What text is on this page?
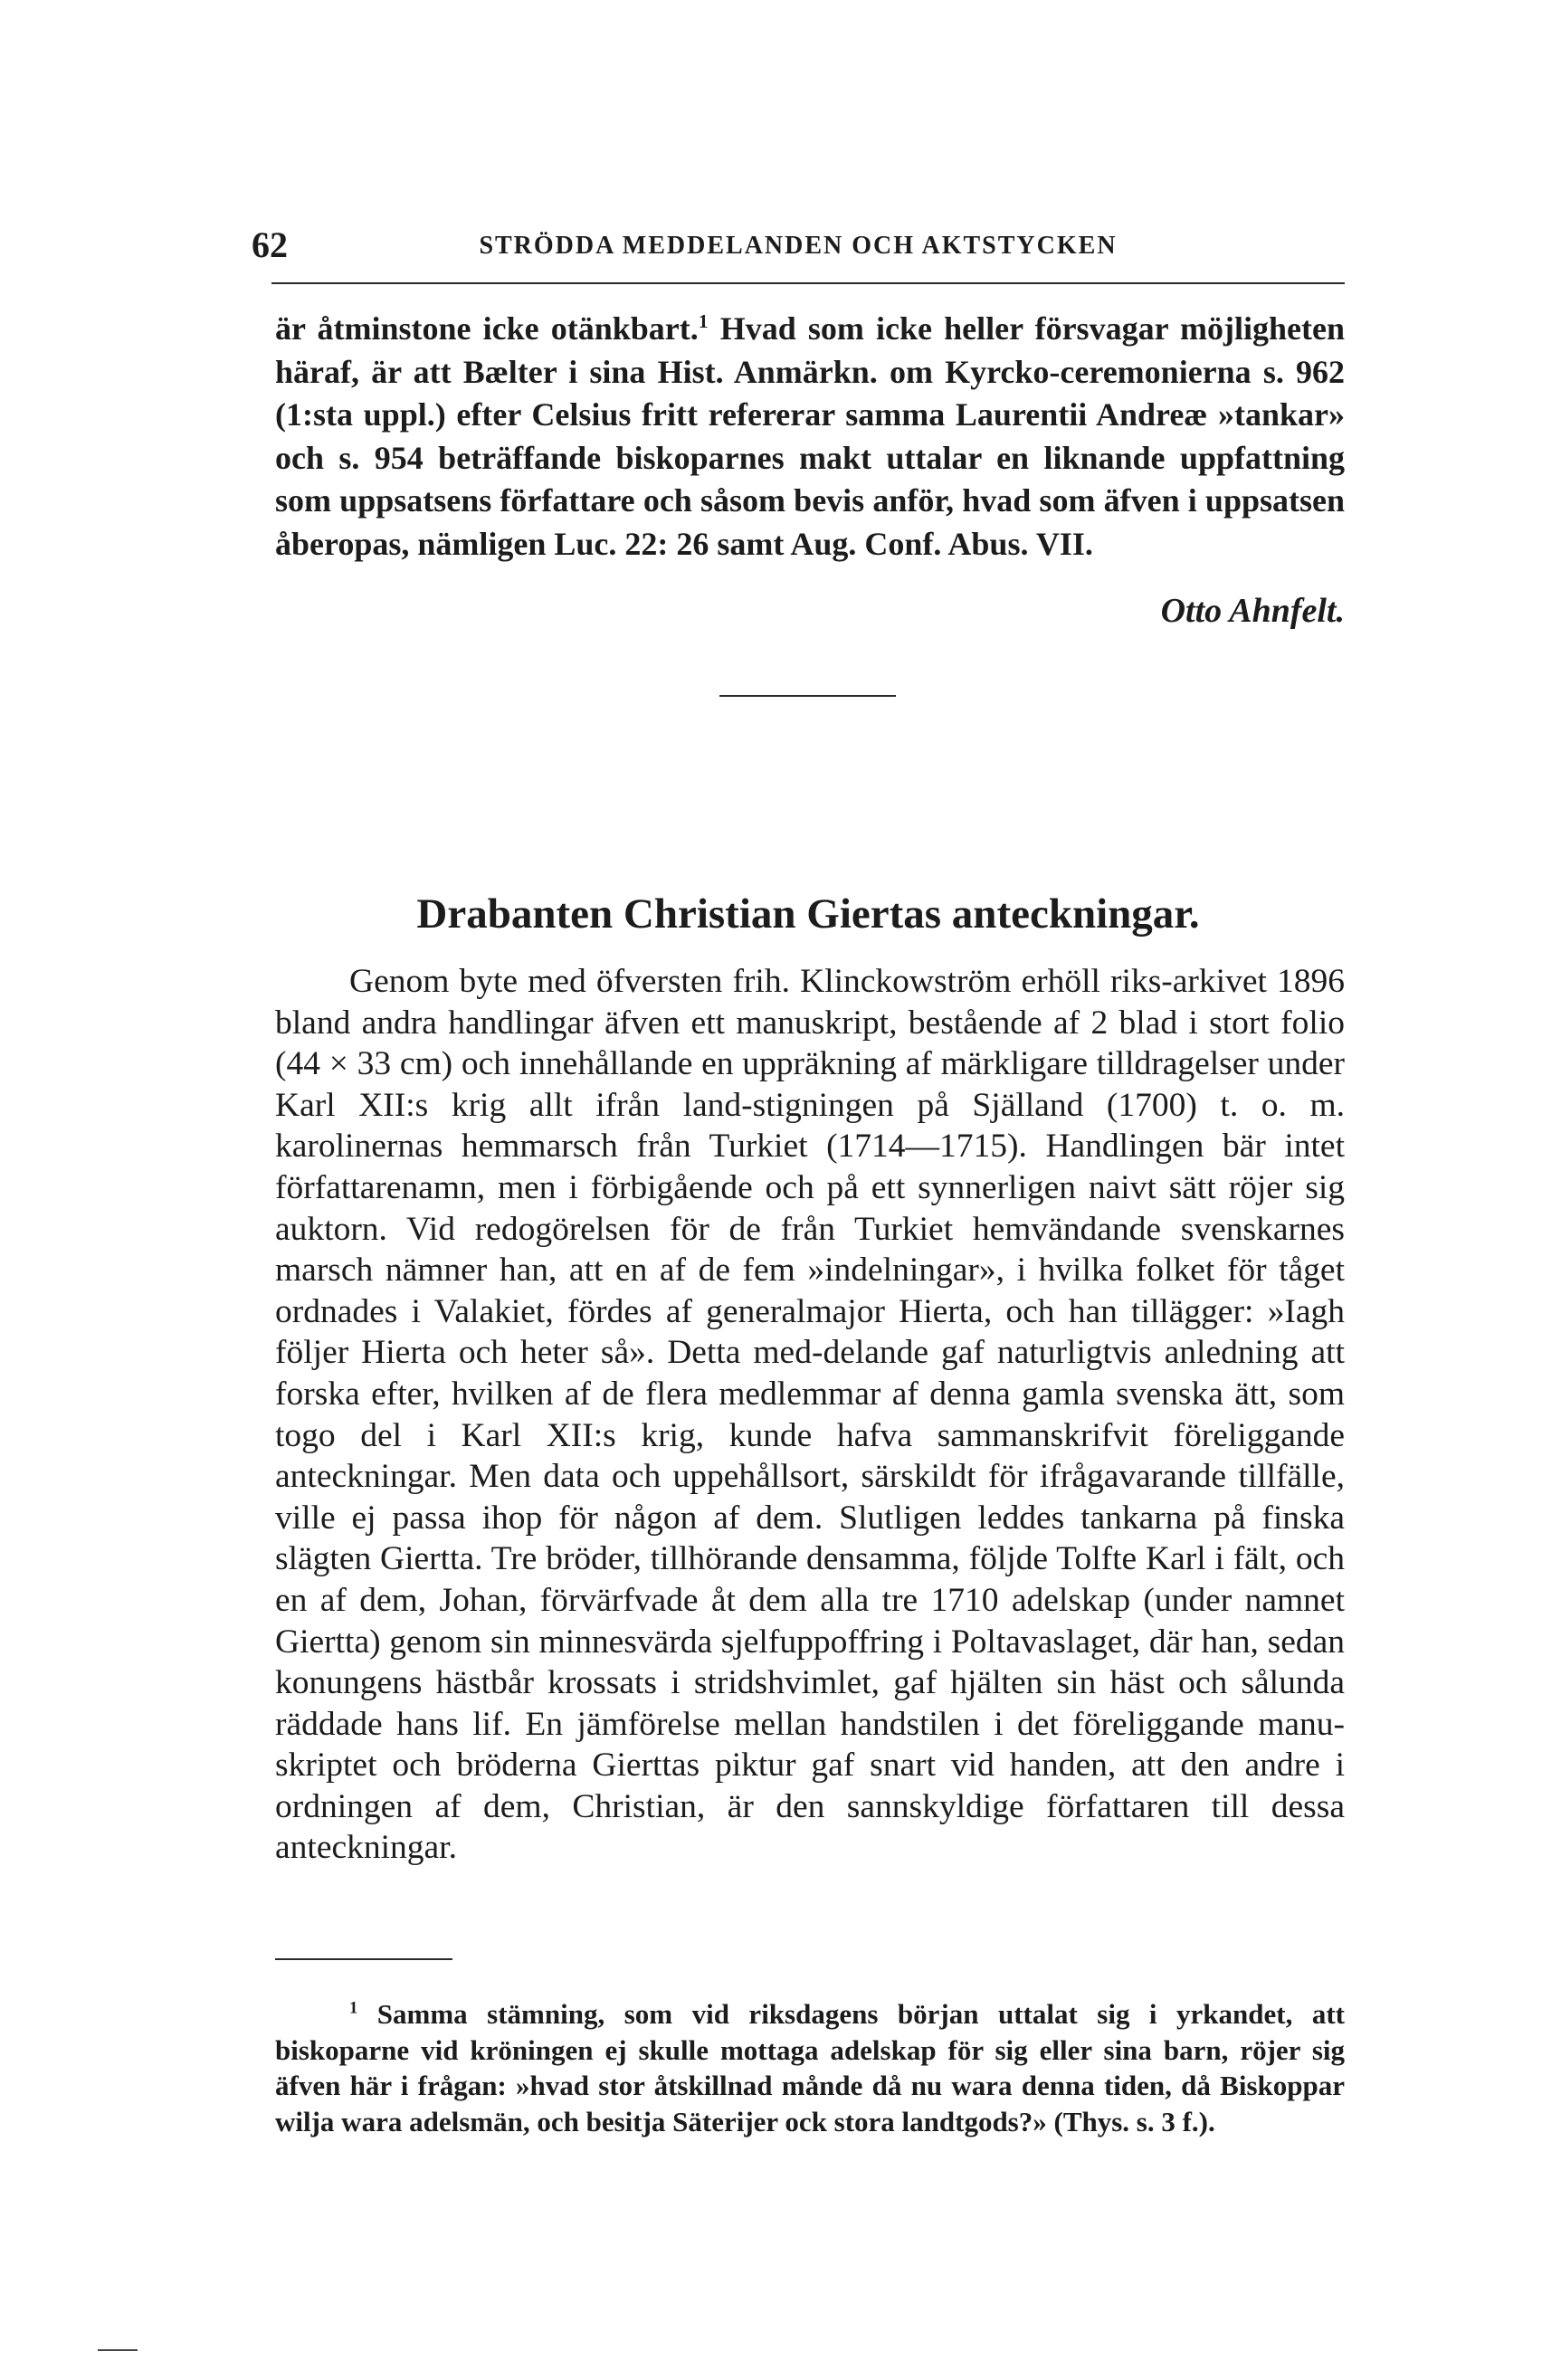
62	STRÖDDA MEDDELANDEN OCH AKTSTYCKEN

är åtminstone icke otänkbart.$^1$ Hvad som icke heller försvagar möjligheten häraf, är att Bælter i sina Hist. Anmärkn. om Kyrcko-ceremonierna s. 962 (1:sta uppl.) efter Celsius fritt refererar samma Laurentii Andreæ »tankar» och s. 954 beträffande biskoparnes makt uttalar en liknande uppfattning som uppsatsens författare och såsom bevis anför, hvad som äfven i uppsatsen åberopas, nämligen Luc. 22: 26 samt Aug. Conf. Abus. VII.

Otto Ahnfelt.
Drabanten Christian Giertas anteckningar.

Genom byte med öfversten frih. Klinckowström erhöll riks-arkivet 1896 bland andra handlingar äfven ett manuskript, bestående af 2 blad i stort folio (44 × 33 cm) och innehållande en uppräkning af märkligare tilldragelser under Karl XII:s krig allt ifrån land-stigningen på Själland (1700) t. o. m. karolinernas hemmarsch från Turkiet (1714—1715). Handlingen bär intet författarenamn, men i förbigående och på ett synnerligen naivt sätt röjer sig auktorn. Vid redogörelsen för de från Turkiet hemvändande svenskarnes marsch nämner han, att en af de fem »indelningar», i hvilka folket för tåget ordnades i Valakiet, fördes af generalmajor Hierta, och han tillägger: »Iagh följer Hierta och heter så». Detta med-delande gaf naturligtvis anledning att forska efter, hvilken af de flera medlemmar af denna gamla svenska ätt, som togo del i Karl XII:s krig, kunde hafva sammanskrifvit föreliggande anteckningar. Men data och uppehållsort, särskildt för ifrågavarande tillfälle, ville ej passa ihop för någon af dem. Slutligen leddes tankarna på finska slägten Giertta. Tre bröder, tillhörande densamma, följde Tolfte Karl i fält, och en af dem, Johan, förvärfvade åt dem alla tre 1710 adelskap (under namnet Giertta) genom sin minnesvärda sjelfuppoffring i Poltavaslaget, där han, sedan konungens hästbår krossats i stridshvimlet, gaf hjälten sin häst och sålunda räddade hans lif. En jämförelse mellan handstilen i det föreliggande manu-skriptet och bröderna Gierttas piktur gaf snart vid handen, att den andre i ordningen af dem, Christian, är den sannskyldige författaren till dessa anteckningar.

$^1$ Samma stämning, som vid riksdagens början uttalat sig i yrkandet, att biskoparne vid kröningen ej skulle mottaga adelskap för sig eller sina barn, röjer sig äfven här i frågan: »hvad stor åtskillnad månde då nu wara denna tiden, då Biskoppar wilja wara adelsmän, och besitja Säterijer ock stora landtgods?» (Thys. s. 3 f.).
